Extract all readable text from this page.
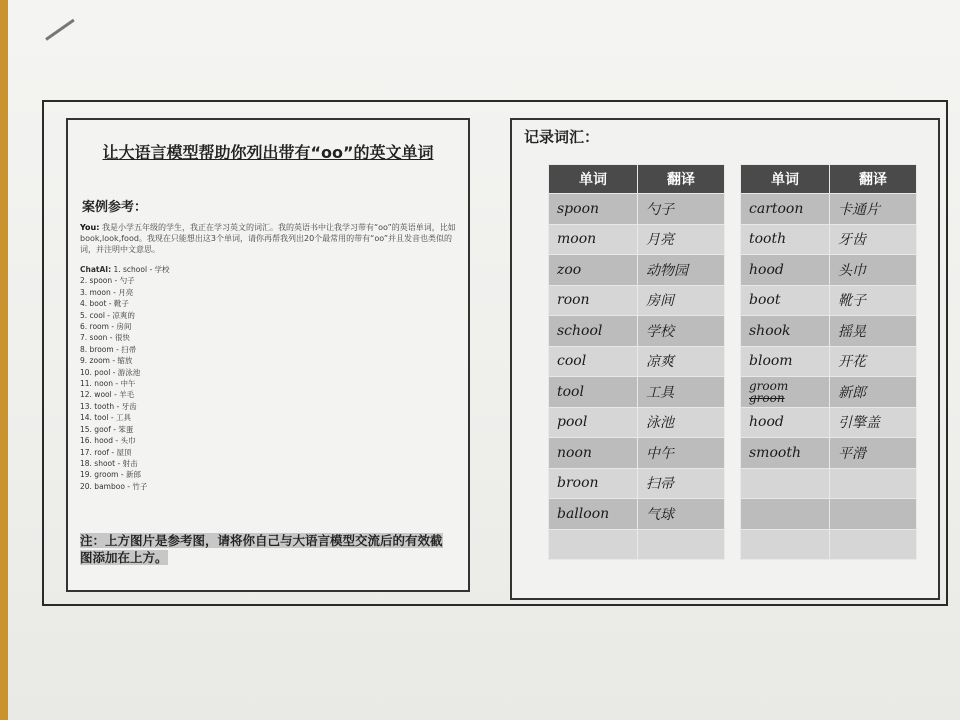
让大语言模型帮助你列出带有“oo”的英文单词
案例参考：
You: 我是小学五年级的学生，我正在学习英文的词汇。我的英语书中让我学习带有“oo”的英语单词，比如book,look,food。我现在只能想出这3个单词，请你再帮我列出20个最常用的带有“oo”并且发音也类似的词，并注明中文意思。
ChatAI: 1. school - 学校
2. spoon - 勺子
3. moon - 月亮
4. boot - 靴子
5. cool - 凉爽的
6. room - 房间
7. soon - 很快
8. broom - 扫帚
9. zoom - 缩放
10. pool - 游泳池
11. noon - 中午
12. wool - 羊毛
13. tooth - 牙齿
14. tool - 工具
15. goof - 笨蛋
16. hood - 头巾
17. roof - 屋顶
18. shoot - 射击
19. groom - 新郎
20. bamboo - 竹子
注：上方图片是参考图，请将你自己与大语言模型交流后的有效截图添加在上方。
记录词汇：
单词	翻译
spoon	勺子
moon	月亮
zoo	动物园
roon	房间
school	学校
cool	凉爽
tool	工具
pool	泳池
noon	中午
broon	扫帚
balloon	气球

单词	翻译
cartoon	卡通片
tooth	牙齿
hood	头巾
boot	靴子
shook	摇晃
bloom	开花

groom
groon	新郎
hood	引擎盖
smooth	平滑
